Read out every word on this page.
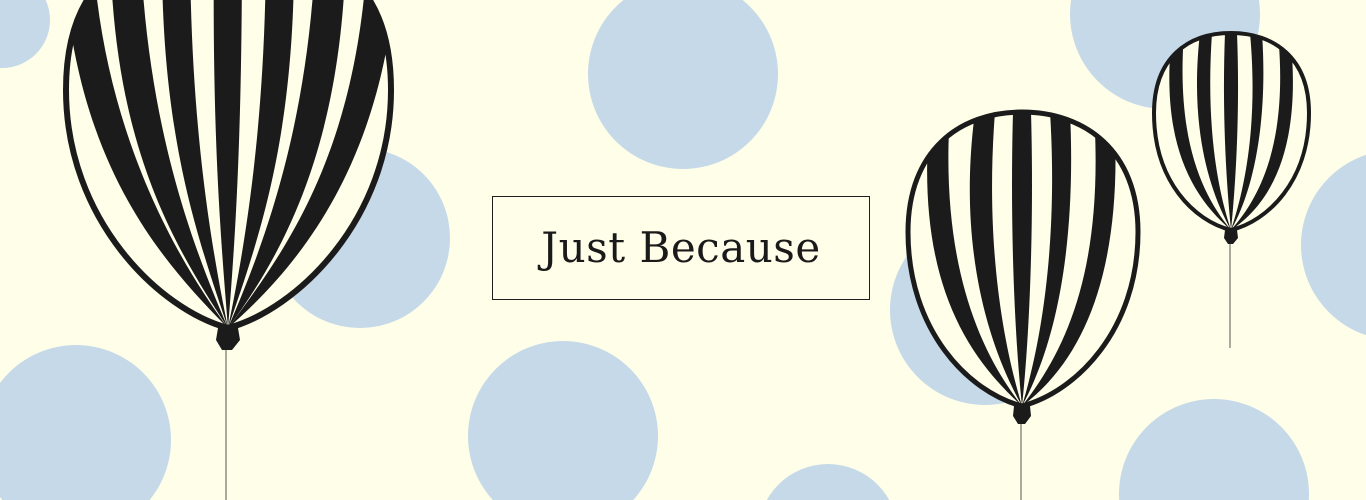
Just Because
